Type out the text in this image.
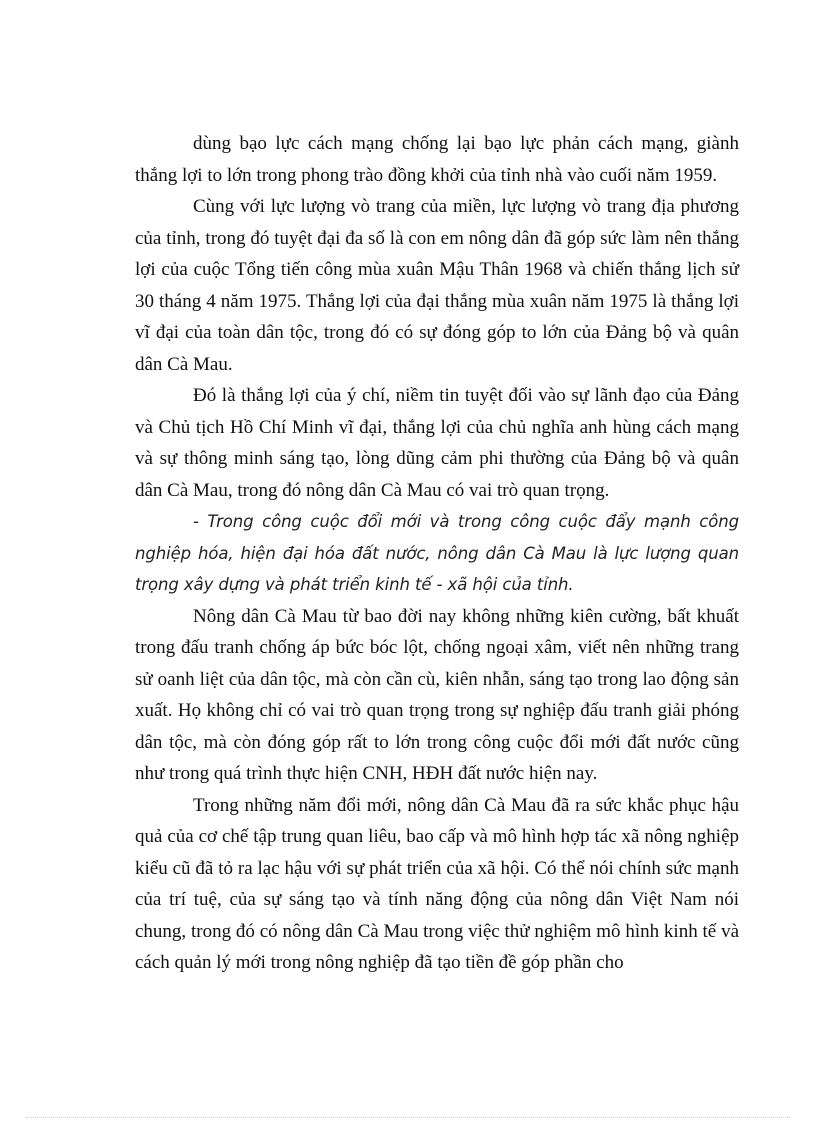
dùng bạo lực cách mạng chống lại bạo lực phản cách mạng, giành thắng lợi to lớn trong phong trào đồng khởi của tỉnh nhà vào cuối năm 1959.

Cùng với lực lượng vò trang của miền, lực lượng vò trang địa phương của tỉnh, trong đó tuyệt đại đa số là con em nông dân đã góp sức làm nên thắng lợi của cuộc Tổng tiến công mùa xuân Mậu Thân 1968 và chiến thắng lịch sử 30 tháng 4 năm 1975. Thắng lợi của đại thắng mùa xuân năm 1975 là thắng lợi vĩ đại của toàn dân tộc, trong đó có sự đóng góp to lớn của Đảng bộ và quân dân Cà Mau.

Đó là thắng lợi của ý chí, niềm tin tuyệt đối vào sự lãnh đạo của Đảng và Chủ tịch Hồ Chí Minh vĩ đại, thắng lợi của chủ nghĩa anh hùng cách mạng và sự thông minh sáng tạo, lòng dũng cảm phi thường của Đảng bộ và quân dân Cà Mau, trong đó nông dân Cà Mau có vai trò quan trọng.

- Trong công cuộc đổi mới và trong công cuộc đẩy mạnh công nghiệp hóa, hiện đại hóa đất nước, nông dân Cà Mau là lực lượng quan trọng xây dựng và phát triển kinh tế - xã hội của tỉnh.

Nông dân Cà Mau từ bao đời nay không những kiên cường, bất khuất trong đấu tranh chống áp bức bóc lột, chống ngoại xâm, viết nên những trang sử oanh liệt của dân tộc, mà còn cần cù, kiên nhẫn, sáng tạo trong lao động sản xuất. Họ không chỉ có vai trò quan trọng trong sự nghiệp đấu tranh giải phóng dân tộc, mà còn đóng góp rất to lớn trong công cuộc đổi mới đất nước cũng như trong quá trình thực hiện CNH, HĐH đất nước hiện nay.

Trong những năm đổi mới, nông dân Cà Mau đã ra sức khắc phục hậu quả của cơ chế tập trung quan liêu, bao cấp và mô hình hợp tác xã nông nghiệp kiểu cũ đã tỏ ra lạc hậu với sự phát triển của xã hội. Có thể nói chính sức mạnh của trí tuệ, của sự sáng tạo và tính năng động của nông dân Việt Nam nói chung, trong đó có nông dân Cà Mau trong việc thử nghiệm mô hình kinh tế và cách quản lý mới trong nông nghiệp đã tạo tiền đề góp phần cho
